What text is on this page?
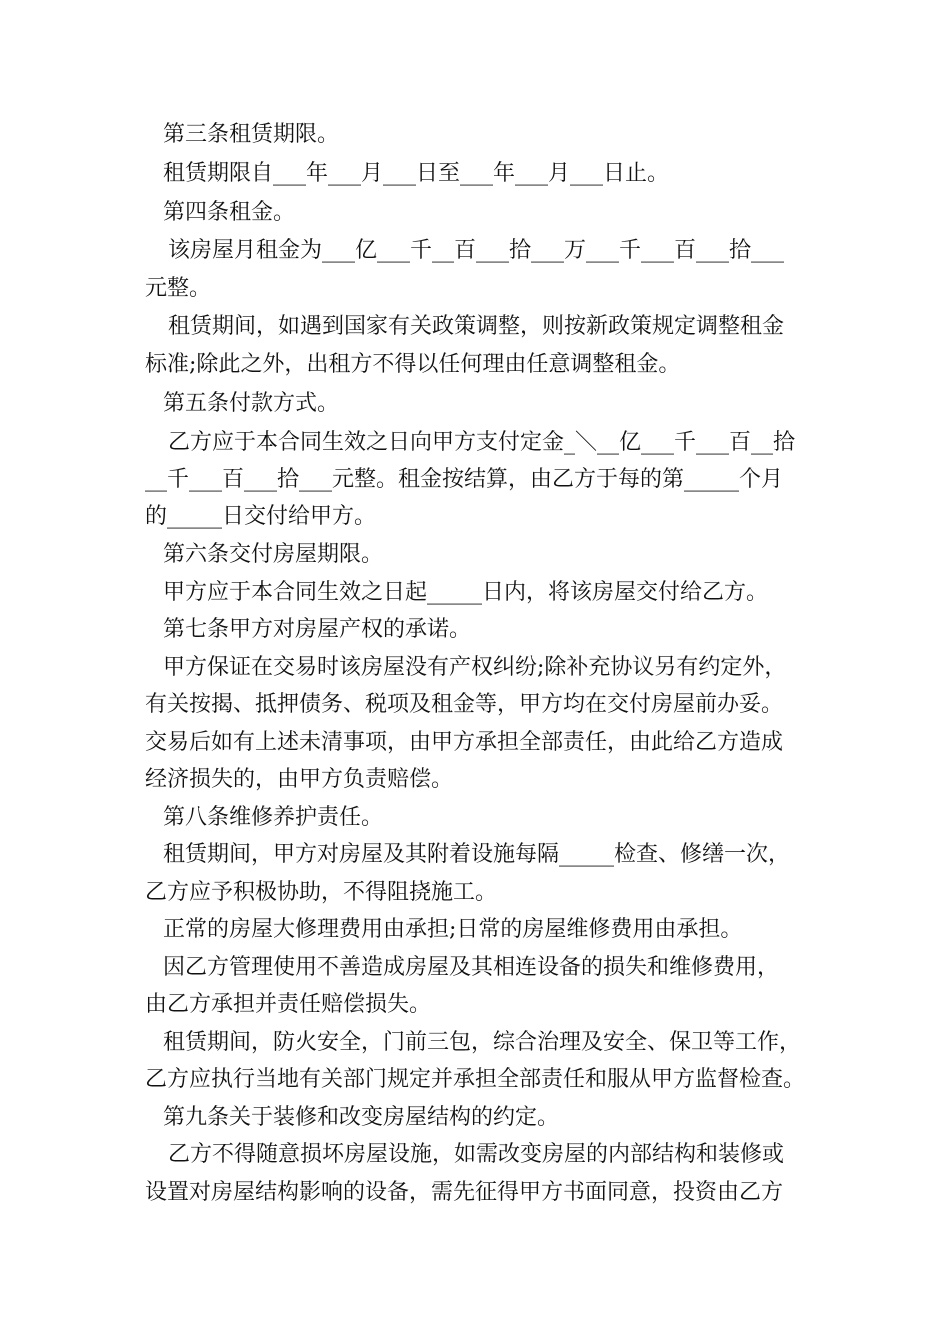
第三条租赁期限。
租赁期限自___年___月___日至___年___月___日止。
第四条租金。
该房屋月租金为___亿___千__百___拾___万___千___百___拾___
元整。
租赁期间，如遇到国家有关政策调整，则按新政策规定调整租金
标准;除此之外，出租方不得以任何理由任意调整租金。
第五条付款方式。
乙方应于本合同生效之日向甲方支付定金_＼__亿___千___百__拾
__千___百___拾___元整。租金按结算，由乙方于每的第_____个月
的_____日交付给甲方。
第六条交付房屋期限。
甲方应于本合同生效之日起_____日内，将该房屋交付给乙方。
第七条甲方对房屋产权的承诺。
甲方保证在交易时该房屋没有产权纠纷;除补充协议另有约定外，
有关按揭、抵押债务、税项及租金等，甲方均在交付房屋前办妥。
交易后如有上述未清事项，由甲方承担全部责任，由此给乙方造成
经济损失的，由甲方负责赔偿。
第八条维修养护责任。
租赁期间，甲方对房屋及其附着设施每隔_____检查、修缮一次，
乙方应予积极协助，不得阻挠施工。
正常的房屋大修理费用由承担;日常的房屋维修费用由承担。
因乙方管理使用不善造成房屋及其相连设备的损失和维修费用，
由乙方承担并责任赔偿损失。
租赁期间，防火安全，门前三包，综合治理及安全、保卫等工作，
乙方应执行当地有关部门规定并承担全部责任和服从甲方监督检查。
第九条关于装修和改变房屋结构的约定。
乙方不得随意损坏房屋设施，如需改变房屋的内部结构和装修或
设置对房屋结构影响的设备，需先征得甲方书面同意，投资由乙方
